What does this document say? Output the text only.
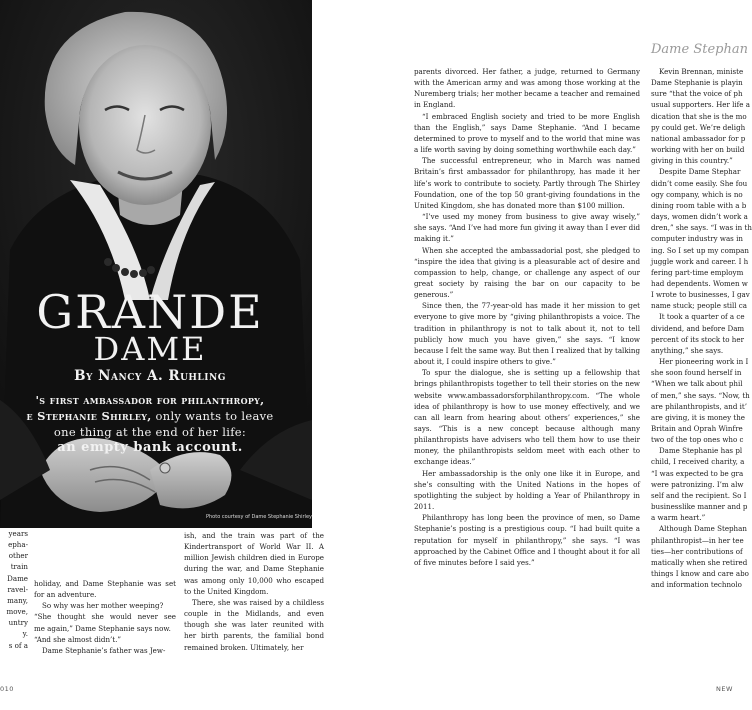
GRANDE
DAME
By Nancy A. Ruhling
's first ambassador for philanthropy,
e Stephanie Shirley, only wants to leave
one thing at the end of her life:
an empty bank account.
Photo courtesy of Dame Stephanie Shirley
years
epha-
other
train
Dame
ravel-
many,
move,
untry
y.
s of a
holiday, and Dame Stephanie was set
for an adventure.
So why was her mother weeping?
“She thought she would never see
me again,” Dame Stephanie says now.
“And she almost didn’t.”
Dame Stephanie’s father was Jew-

ish, and the train was part of the Kindertransport of World War II. A million Jewish children died in Europe during the war, and Dame Stephanie was among only 10,000 who escaped to the United Kingdom.

There, she was raised by a childless couple in the Midlands, and even though she was later reunited with her birth parents, the familial bond remained broken. Ultimately, her

010
Dame Stephan

parents divorced. Her father, a judge, returned to Germany with the American army and was among those working at the Nuremberg trials; her mother became a teacher and remained in England.

“I embraced English society and tried to be more English than the English,” says Dame Stephanie. “And I became determined to prove to myself and to the world that mine was a life worth saving by doing something worthwhile each day.”

The successful entrepreneur, who in March was named Britain’s first ambassador for philanthropy, has made it her life’s work to contribute to society. Partly through The Shirley Foundation, one of the top 50 grant-giving foundations in the United Kingdom, she has donated more than $100 million.

“I’ve used my money from business to give away wisely,” she says. “And I’ve had more fun giving it away than I ever did making it.”

When she accepted the ambassadorial post, she pledged to “inspire the idea that giving is a pleasurable act of desire and compassion to help, change, or challenge any aspect of our great society by raising the bar on our capacity to be generous.”

Since then, the 77-year-old has made it her mission to get everyone to give more by “giving philanthropists a voice. The tradition in philanthropy is not to talk about it, not to tell publicly how much you have given,” she says. “I know because I felt the same way. But then I realized that by talking about it, I could inspire others to give.”

To spur the dialogue, she is setting up a fellowship that brings philanthropists together to tell their stories on the new website www.ambassadorsforphilanthropy.com. “The whole idea of philanthropy is how to use money effectively, and we can all learn from hearing about others’ experiences,” she says. “This is a new concept because although many philanthropists have advisers who tell them how to use their money, the philanthropists seldom meet with each other to exchange ideas.”

Her ambassadorship is the only one like it in Europe, and she’s consulting with the United Nations in the hopes of spotlighting the subject by holding a Year of Philanthropy in 2011.

Philanthropy has long been the province of men, so Dame Stephanie’s posting is a prestigious coup. “I had built quite a reputation for myself in philanthropy,” she says. “I was approached by the Cabinet Office and I thought about it for all of five minutes before I said yes.”

Kevin Brennan, ministe
Dame Stephanie is playin
sure “that the voice of ph
usual supporters. Her life a
dication that she is the mo
py could get. We’re deligh
national ambassador for p
working with her on build
giving in this country.”
Despite Dame Stephar
didn’t come easily. She fou
ogy company, which is no
dining room table with a b
days, women didn’t work a
dren,” she says. “I was in th
computer industry was in
ing. So I set up my compan
juggle work and career. I h
fering part-time employm
had dependents. Women w
I wrote to businesses, I gav
name stuck; people still ca
It took a quarter of a ce
dividend, and before Dam
percent of its stock to her
anything,” she says.
Her pioneering work in I
she soon found herself in
“When we talk about phil
of men,” she says. “Now, th
are philanthropists, and it’
are giving, it is money the
Britain and Oprah Winfre
two of the top ones who c
Dame Stephanie has pl
child, I received charity, a
“I was expected to be gra
were patronizing. I’m alw
self and the recipient. So I
businesslike manner and p
a warm heart.”
Although Dame Stephan
philanthropist—in her tee
ties—her contributions of
matically when she retired
things I know and care abo
and information technolo
NEW
